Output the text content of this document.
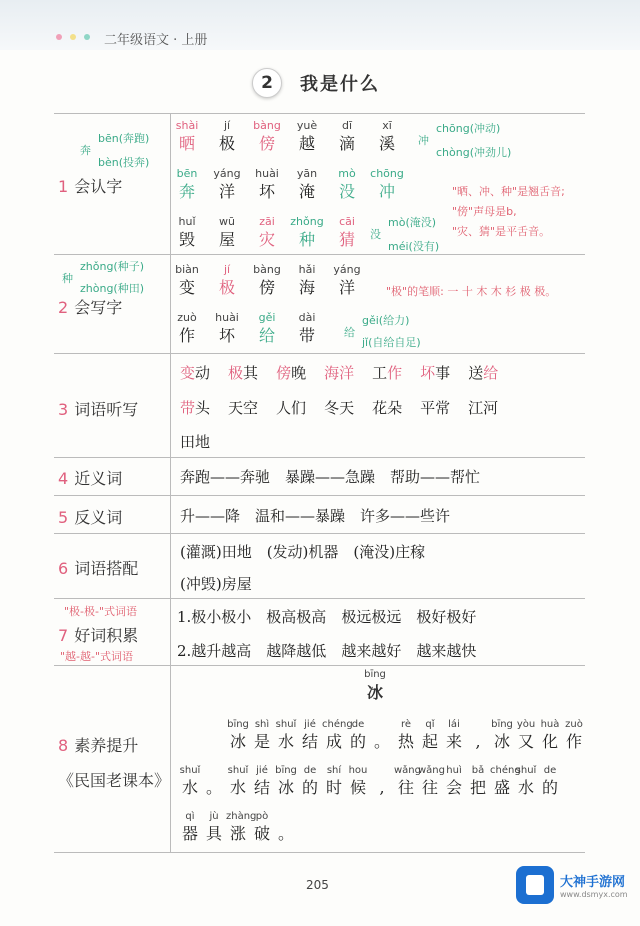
二年级语文 · 上册
2	我是什么
1 会认字
2 会写字
3 词语听写
4 近义词
5 反义词
6 词语搭配
7 好词积累
8 素养提升
《民国老课本》
shài
晒
jí
极
bàng
傍
yuè
越
dī
滴
xī
溪
bēn
奔
yáng
洋
huài
坏
yān
淹
mò
没
chōng
冲
huǐ
毁
wū
屋
zāi
灾
zhǒng
种
cāi
猜
奔
bēn(奔跑)
bèn(投奔)
冲
chōng(冲动)
chòng(冲劲儿)
没
mò(淹没)
méi(没有)
"晒、冲、种"是翘舌音;
"傍"声母是b,
"灾、猜"是平舌音。
biàn
变
jí
极
bàng
傍
hǎi
海
yáng
洋
zuò
作
huài
坏
gěi
给
dài
带
种
zhǒng(种子)
zhòng(种田)
给
gěi(给力)
jǐ(自给自足)
"极"的笔顺: 一 十 木 木 杉 极 极。
变动 极其 傍晚 海洋 工作 坏事 送给
带头 天空 人们 冬天 花朵 平常 江河
田地
奔跑——奔驰　暴躁——急躁　帮助——帮忙
升——降　温和——暴躁　许多——些许
(灌溉)田地　(发动)机器　(淹没)庄稼
(冲毁)房屋
"极-极-"式词语
"越-越-"式词语
1.极小极小　极高极高　极远极远　极好极好
2.越升越高　越降越低　越来越好　越来越快
bīng
冰
bīng
冰
shì
是
shuǐ
水
jié
结
chéng
成
de
的 。
rè
热
qǐ
起
lái
来 ,
bīng
冰
yòu
又
huà
化
zuò
作
shuǐ
水 。
shuǐ
水
jié
结
bīng
冰
de
的
shí
时
hou
候 ,
wǎng
往
wǎng
往
huì
会
bǎ
把
chéng
盛
shuǐ
水
de
的
qì
器
jù
具
zhàng
涨
pò
破 。
205	大神手游网
www.dsmyx.com
